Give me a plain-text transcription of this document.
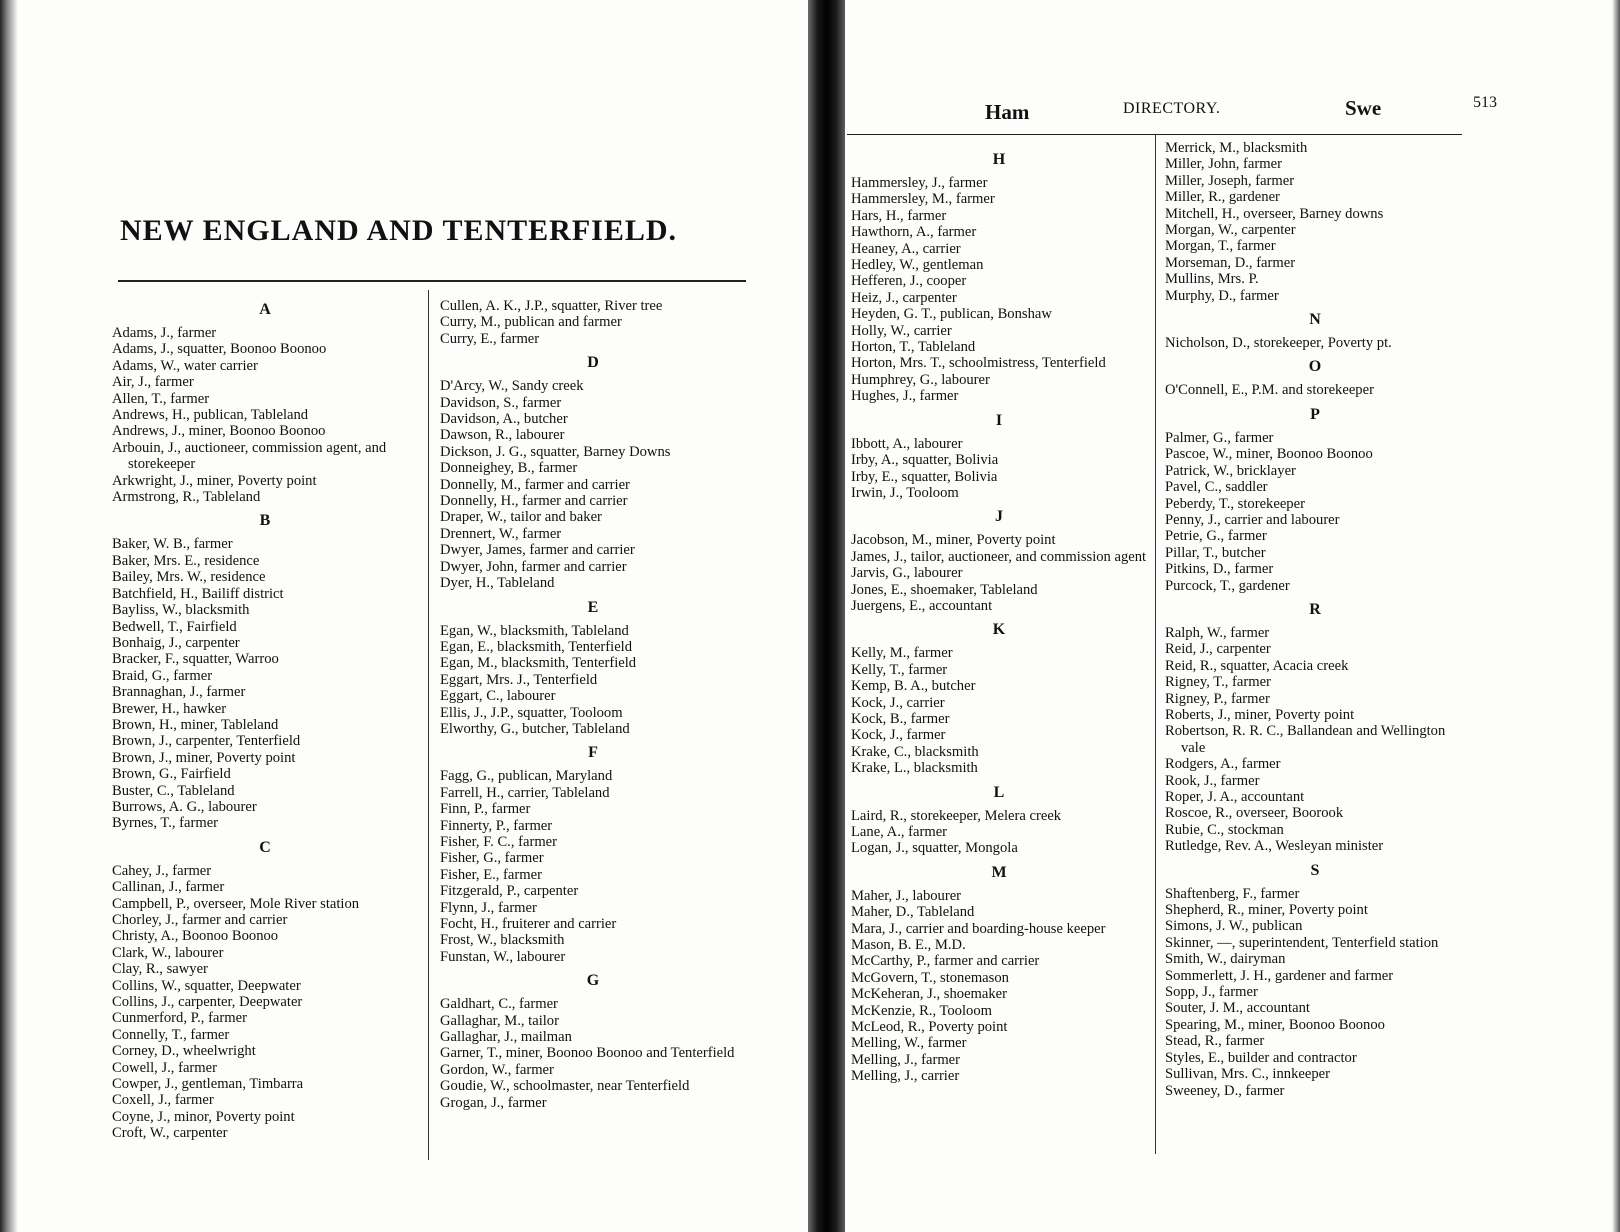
NEW ENGLAND AND TENTERFIELD.
A
Adams, J., farmer
Adams, J., squatter, Boonoo Boonoo
Adams, W., water carrier
Air, J., farmer
Allen, T., farmer
Andrews, H., publican, Tableland
Andrews, J., miner, Boonoo Boonoo
Arbouin, J., auctioneer, commission agent, and storekeeper
Arkwright, J., miner, Poverty point
Armstrong, R., Tableland
B
Baker, W. B., farmer
Baker, Mrs. E., residence
Bailey, Mrs. W., residence
Batchfield, H., Bailiff district
Bayliss, W., blacksmith
Bedwell, T., Fairfield
Bonhaig, J., carpenter
Bracker, F., squatter, Warroo
Braid, G., farmer
Brannaghan, J., farmer
Brewer, H., hawker
Brown, H., miner, Tableland
Brown, J., carpenter, Tenterfield
Brown, J., miner, Poverty point
Brown, G., Fairfield
Buster, C., Tableland
Burrows, A. G., labourer
Byrnes, T., farmer
C
Cahey, J., farmer
Callinan, J., farmer
Campbell, P., overseer, Mole River station
Chorley, J., farmer and carrier
Christy, A., Boonoo Boonoo
Clark, W., labourer
Clay, R., sawyer
Collins, W., squatter, Deepwater
Collins, J., carpenter, Deepwater
Cunmerford, P., farmer
Connelly, T., farmer
Corney, D., wheelwright
Cowell, J., farmer
Cowper, J., gentleman, Timbarra
Coxell, J., farmer
Coyne, J., minor, Poverty point
Croft, W., carpenter
Cullen, A. K., J.P., squatter, River tree
Curry, M., publican and farmer
Curry, E., farmer
D
D'Arcy, W., Sandy creek
Davidson, S., farmer
Davidson, A., butcher
Dawson, R., labourer
Dickson, J. G., squatter, Barney Downs
Donneighey, B., farmer
Donnelly, M., farmer and carrier
Donnelly, H., farmer and carrier
Draper, W., tailor and baker
Drennert, W., farmer
Dwyer, James, farmer and carrier
Dwyer, John, farmer and carrier
Dyer, H., Tableland
E
Egan, W., blacksmith, Tableland
Egan, E., blacksmith, Tenterfield
Egan, M., blacksmith, Tenterfield
Eggart, Mrs. J., Tenterfield
Eggart, C., labourer
Ellis, J., J.P., squatter, Tooloom
Elworthy, G., butcher, Tableland
F
Fagg, G., publican, Maryland
Farrell, H., carrier, Tableland
Finn, P., farmer
Finnerty, P., farmer
Fisher, F. C., farmer
Fisher, G., farmer
Fisher, E., farmer
Fitzgerald, P., carpenter
Flynn, J., farmer
Focht, H., fruiterer and carrier
Frost, W., blacksmith
Funstan, W., labourer
G
Galdhart, C., farmer
Gallaghar, M., tailor
Gallaghar, J., mailman
Garner, T., miner, Boonoo Boonoo and Tenterfield
Gordon, W., farmer
Goudie, W., schoolmaster, near Tenterfield
Grogan, J., farmer
Ham	DIRECTORY.	Swe	513
H
Hammersley, J., farmer
Hammersley, M., farmer
Hars, H., farmer
Hawthorn, A., farmer
Heaney, A., carrier
Hedley, W., gentleman
Hefferen, J., cooper
Heiz, J., carpenter
Heyden, G. T., publican, Bonshaw
Holly, W., carrier
Horton, T., Tableland
Horton, Mrs. T., schoolmistress, Tenterfield
Humphrey, G., labourer
Hughes, J., farmer
I
Ibbott, A., labourer
Irby, A., squatter, Bolivia
Irby, E., squatter, Bolivia
Irwin, J., Tooloom
J
Jacobson, M., miner, Poverty point
James, J., tailor, auctioneer, and commission agent
Jarvis, G., labourer
Jones, E., shoemaker, Tableland
Juergens, E., accountant
K
Kelly, M., farmer
Kelly, T., farmer
Kemp, B. A., butcher
Kock, J., carrier
Kock, B., farmer
Kock, J., farmer
Krake, C., blacksmith
Krake, L., blacksmith
L
Laird, R., storekeeper, Melera creek
Lane, A., farmer
Logan, J., squatter, Mongola
M
Maher, J., labourer
Maher, D., Tableland
Mara, J., carrier and boarding-house keeper
Mason, B. E., M.D.
McCarthy, P., farmer and carrier
McGovern, T., stonemason
McKeheran, J., shoemaker
McKenzie, R., Tooloom
McLeod, R., Poverty point
Melling, W., farmer
Melling, J., farmer
Melling, J., carrier
Merrick, M., blacksmith
Miller, John, farmer
Miller, Joseph, farmer
Miller, R., gardener
Mitchell, H., overseer, Barney downs
Morgan, W., carpenter
Morgan, T., farmer
Morseman, D., farmer
Mullins, Mrs. P.
Murphy, D., farmer
N
Nicholson, D., storekeeper, Poverty pt.
O
O'Connell, E., P.M. and storekeeper
P
Palmer, G., farmer
Pascoe, W., miner, Boonoo Boonoo
Patrick, W., bricklayer
Pavel, C., saddler
Peberdy, T., storekeeper
Penny, J., carrier and labourer
Petrie, G., farmer
Pillar, T., butcher
Pitkins, D., farmer
Purcock, T., gardener
R
Ralph, W., farmer
Reid, J., carpenter
Reid, R., squatter, Acacia creek
Rigney, T., farmer
Rigney, P., farmer
Roberts, J., miner, Poverty point
Robertson, R. R. C., Ballandean and Wellington vale
Rodgers, A., farmer
Rook, J., farmer
Roper, J. A., accountant
Roscoe, R., overseer, Boorook
Rubie, C., stockman
Rutledge, Rev. A., Wesleyan minister
S
Shaftenberg, F., farmer
Shepherd, R., miner, Poverty point
Simons, J. W., publican
Skinner, —, superintendent, Tenterfield station
Smith, W., dairyman
Sommerlett, J. H., gardener and farmer
Sopp, J., farmer
Souter, J. M., accountant
Spearing, M., miner, Boonoo Boonoo
Stead, R., farmer
Styles, E., builder and contractor
Sullivan, Mrs. C., innkeeper
Sweeney, D., farmer
